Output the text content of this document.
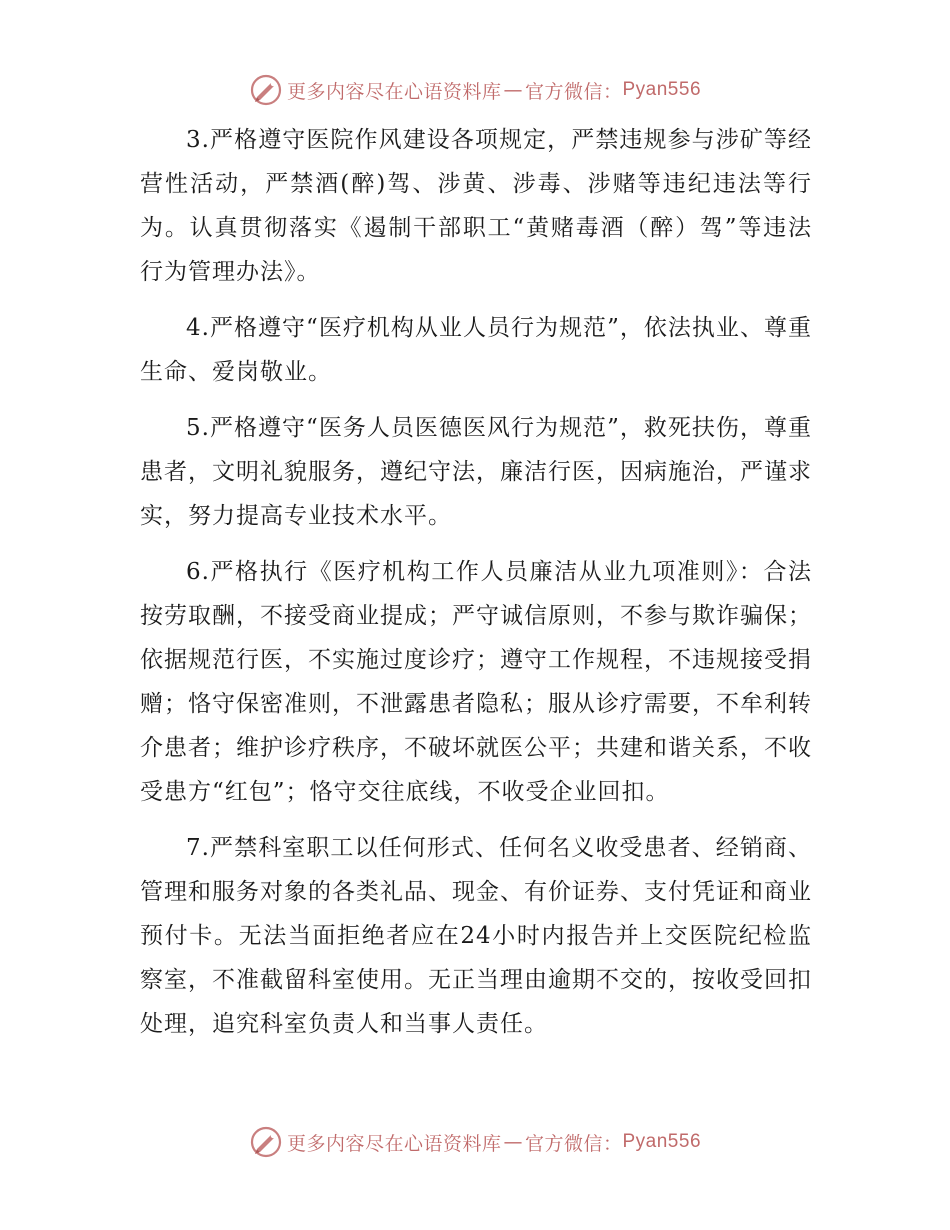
更多内容尽在心语资料库 — 官方微信： Pyan556

3.严格遵守医院作风建设各项规定，严禁违规参与涉矿等经营性活动，严禁酒(醉)驾、涉黄、涉毒、涉赌等违纪违法等行为。认真贯彻落实《遏制干部职工“黄赌毒酒（醉）驾”等违法行为管理办法》。

4.严格遵守“医疗机构从业人员行为规范”，依法执业、尊重生命、爱岗敬业。

5.严格遵守“医务人员医德医风行为规范”，救死扶伤，尊重患者，文明礼貌服务，遵纪守法，廉洁行医，因病施治，严谨求实，努力提高专业技术水平。

6.严格执行《医疗机构工作人员廉洁从业九项准则》：合法按劳取酬，不接受商业提成；严守诚信原则，不参与欺诈骗保；依据规范行医，不实施过度诊疗；遵守工作规程，不违规接受捐赠；恪守保密准则，不泄露患者隐私；服从诊疗需要，不牟利转介患者；维护诊疗秩序，不破坏就医公平；共建和谐关系，不收受患方“红包”；恪守交往底线，不收受企业回扣。

7.严禁科室职工以任何形式、任何名义收受患者、经销商、管理和服务对象的各类礼品、现金、有价证券、支付凭证和商业预付卡。无法当面拒绝者应在24小时内报告并上交医院纪检监察室，不准截留科室使用。无正当理由逾期不交的，按收受回扣处理，追究科室负责人和当事人责任。

更多内容尽在心语资料库 — 官方微信： Pyan556
